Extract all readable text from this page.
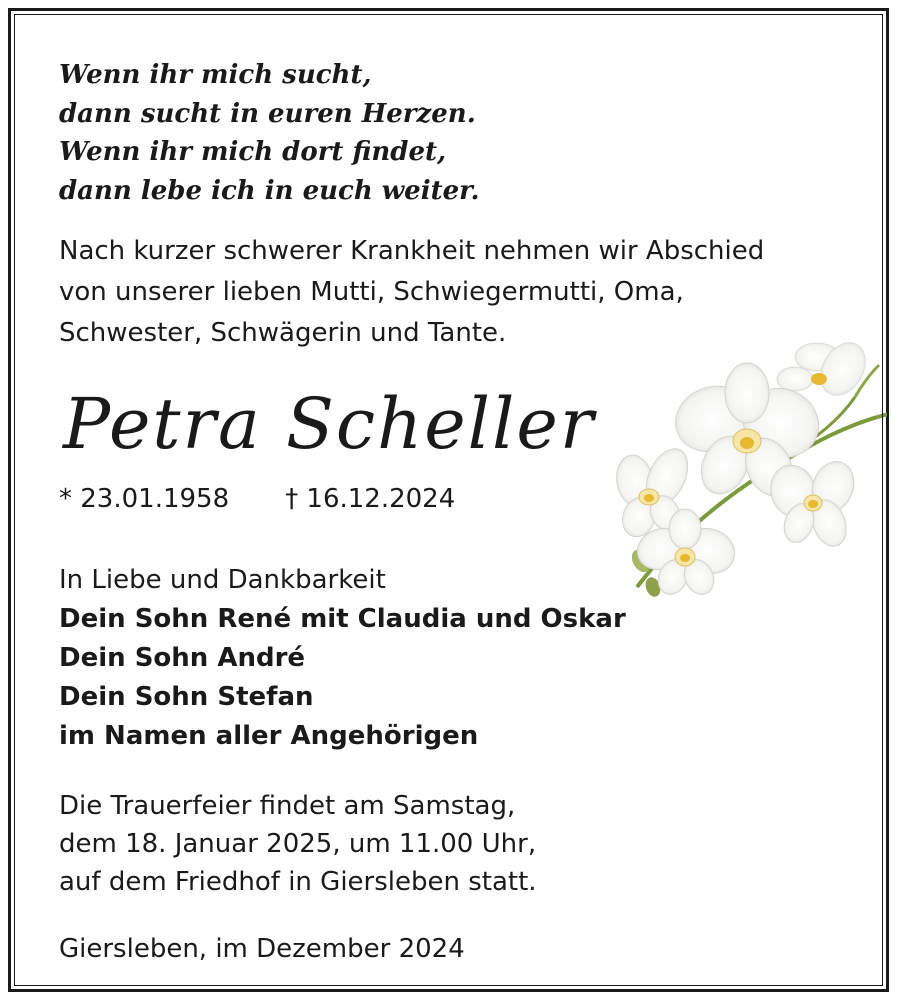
Wenn ihr mich sucht,
dann sucht in euren Herzen.
Wenn ihr mich dort findet,
dann lebe ich in euch weiter.
Nach kurzer schwerer Krankheit nehmen wir Abschied
von unserer lieben Mutti, Schwiegermutti, Oma,
Schwester, Schwägerin und Tante.
Petra Scheller
* 23.01.1958 † 16.12.2024
In Liebe und Dankbarkeit
Dein Sohn René mit Claudia und Oskar
Dein Sohn André
Dein Sohn Stefan
im Namen aller Angehörigen
Die Trauerfeier findet am Samstag,
dem 18. Januar 2025, um 11.00 Uhr,
auf dem Friedhof in Giersleben statt.
Giersleben, im Dezember 2024
